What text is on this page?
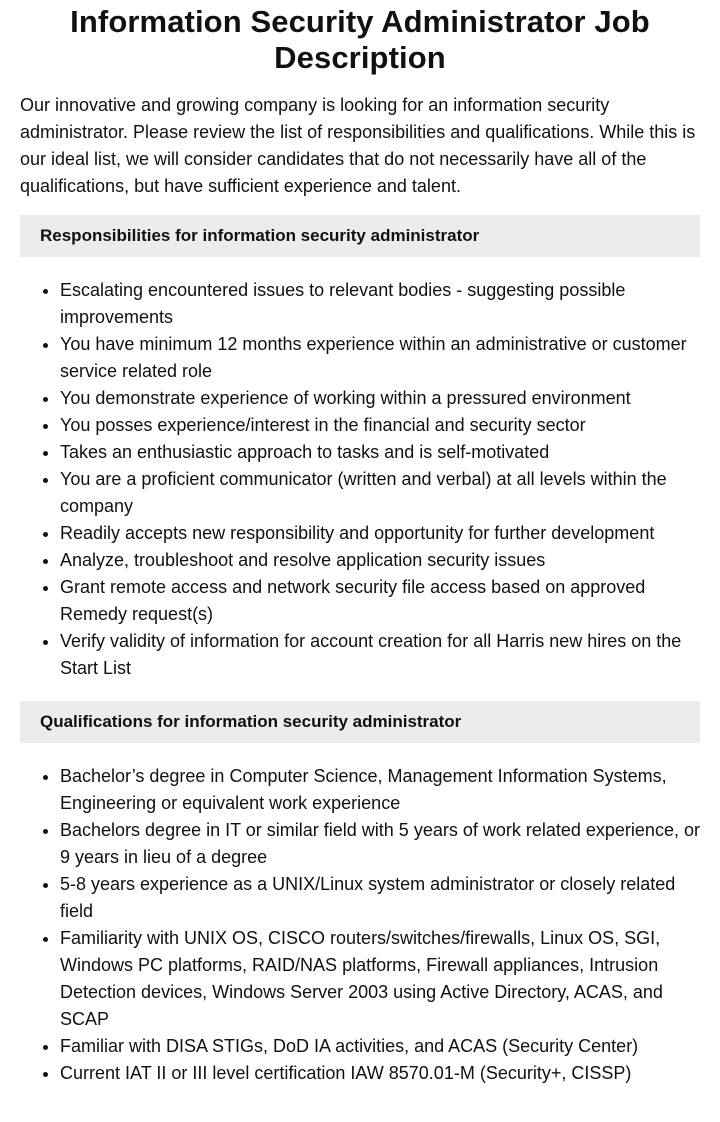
Information Security Administrator Job Description

Our innovative and growing company is looking for an information security administrator. Please review the list of responsibilities and qualifications. While this is our ideal list, we will consider candidates that do not necessarily have all of the qualifications, but have sufficient experience and talent.

Responsibilities for information security administrator
• Escalating encountered issues to relevant bodies - suggesting possible improvements
• You have minimum 12 months experience within an administrative or customer service related role
• You demonstrate experience of working within a pressured environment
• You posses experience/interest in the financial and security sector
• Takes an enthusiastic approach to tasks and is self-motivated
• You are a proficient communicator (written and verbal) at all levels within the company
• Readily accepts new responsibility and opportunity for further development
• Analyze, troubleshoot and resolve application security issues
• Grant remote access and network security file access based on approved Remedy request(s)
• Verify validity of information for account creation for all Harris new hires on the Start List
Qualifications for information security administrator
• Bachelor’s degree in Computer Science, Management Information Systems, Engineering or equivalent work experience
• Bachelors degree in IT or similar field with 5 years of work related experience, or 9 years in lieu of a degree
• 5-8 years experience as a UNIX/Linux system administrator or closely related field
• Familiarity with UNIX OS, CISCO routers/switches/firewalls, Linux OS, SGI, Windows PC platforms, RAID/NAS platforms, Firewall appliances, Intrusion Detection devices, Windows Server 2003 using Active Directory, ACAS, and SCAP
• Familiar with DISA STIGs, DoD IA activities, and ACAS (Security Center)
• Current IAT II or III level certification IAW 8570.01-M (Security+, CISSP)
